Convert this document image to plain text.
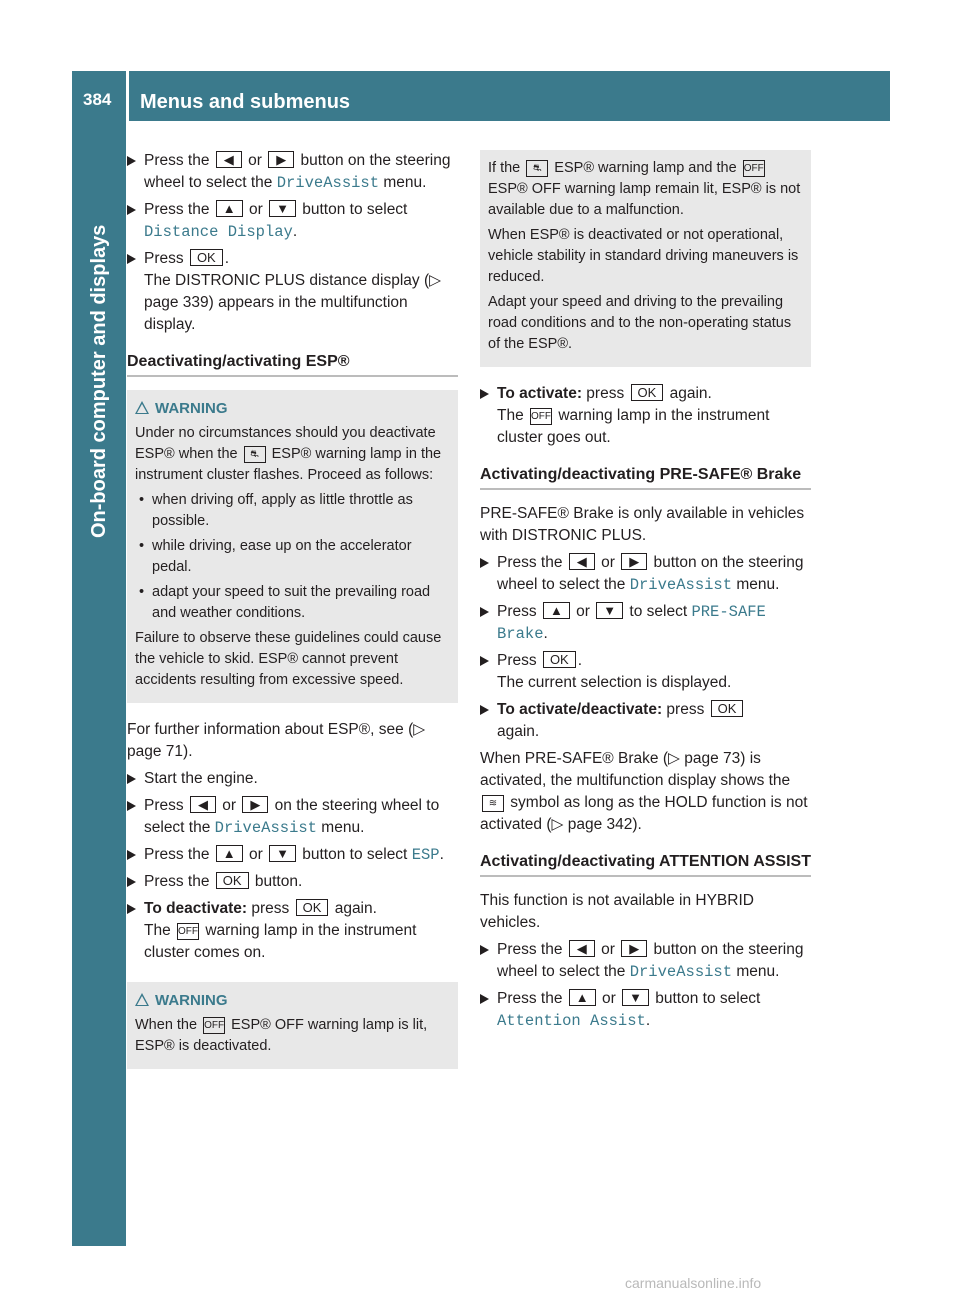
384	Menus and submenus
On-board computer and displays
Press the ◀ or ▶ button on the steering wheel to select the DriveAssist menu.
Press the ▲ or ▼ button to select Distance Display.
Press OK .
The DISTRONIC PLUS distance display (▷ page 339) appears in the multifunction display.
Deactivating/activating ESP®
WARNING
Under no circumstances should you deactivate ESP® when the ⛐ ESP® warning lamp in the instrument cluster flashes. Proceed as follows:
• when driving off, apply as little throttle as possible.
• while driving, ease up on the accelerator pedal.
• adapt your speed to suit the prevailing road and weather conditions.
Failure to observe these guidelines could cause the vehicle to skid. ESP® cannot prevent accidents resulting from excessive speed.
For further information about ESP®, see (▷ page 71).
Start the engine.
Press ◀ or ▶ on the steering wheel to select the DriveAssist menu.
Press the ▲ or ▼ button to select ESP.
Press the OK button.
To deactivate: press OK again.
The OFF warning lamp in the instrument cluster comes on.
WARNING
When the OFF ESP® OFF warning lamp is lit, ESP® is deactivated.
If the ⛐ ESP® warning lamp and the OFF ESP® OFF warning lamp remain lit, ESP® is not available due to a malfunction.
When ESP® is deactivated or not operational, vehicle stability in standard driving maneuvers is reduced.
Adapt your speed and driving to the prevailing road conditions and to the non-operating status of the ESP®.
To activate: press OK again.
The OFF warning lamp in the instrument cluster goes out.
Activating/deactivating PRE-SAFE® Brake
PRE-SAFE® Brake is only available in vehicles with DISTRONIC PLUS.
Press the ◀ or ▶ button on the steering wheel to select the DriveAssist menu.
Press ▲ or ▼ to select PRE-SAFE Brake.
Press OK .
The current selection is displayed.
To activate/deactivate: press OK
again.
When PRE-SAFE® Brake (▷ page 73) is activated, the multifunction display shows the ≋ symbol as long as the HOLD function is not activated (▷ page 342).
Activating/deactivating ATTENTION ASSIST
This function is not available in HYBRID vehicles.
Press the ◀ or ▶ button on the steering wheel to select the DriveAssist menu.
Press the ▲ or ▼ button to select Attention Assist.
carmanualsonline.info
